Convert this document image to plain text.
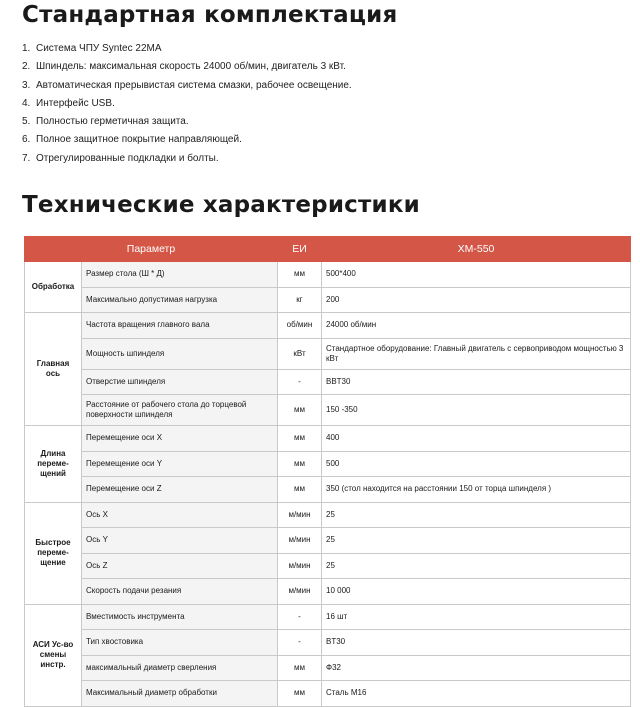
Стандартная комплектация
1. Система ЧПУ Syntec 22МА
2. Шпиндель: максимальная скорость 24000 об/мин, двигатель 3 кВт.
3. Автоматическая прерывистая система смазки, рабочее освещение.
4. Интерфейс USB.
5. Полностью герметичная защита.
6. Полное защитное покрытие направляющей.
7. Отрегулированные подкладки и болты.
Технические характеристики
Параметр		ЕИ	XM-550
Обработка	Размер стола (Ш * Д)	мм	500*400
	Максимально допустимая нагрузка	кг	200
Главная ось	Частота вращения главного вала	об/мин	24000 об/мин
	Мощность шпинделя	кВт	Стандартное оборудование: Главный двигатель с сервоприводом мощностью 3 кВт
	Отверстие шпинделя	-	BBT30
	Расстояние от рабочего стола до торцевой поверхности шпинделя	мм	150 -350
Длина переме-щений	Перемещение оси X	мм	400
	Перемещение оси Y	мм	500
	Перемещение оси Z	мм	350 (стол находится на расстоянии 150 от торца шпинделя )
Быстрое переме-щение	Ось X	м/мин	25
	Ось Y	м/мин	25
	Ось Z	м/мин	25
	Скорость подачи резания	м/мин	10 000
АСИ Ус-во смены инстр.	Вместимость инструмента	-	16 шт
	Тип хвостовика	-	BT30
	максимальный диаметр сверления	мм	Ф32
	Максимальный диаметр обработки	мм	Сталь M16
